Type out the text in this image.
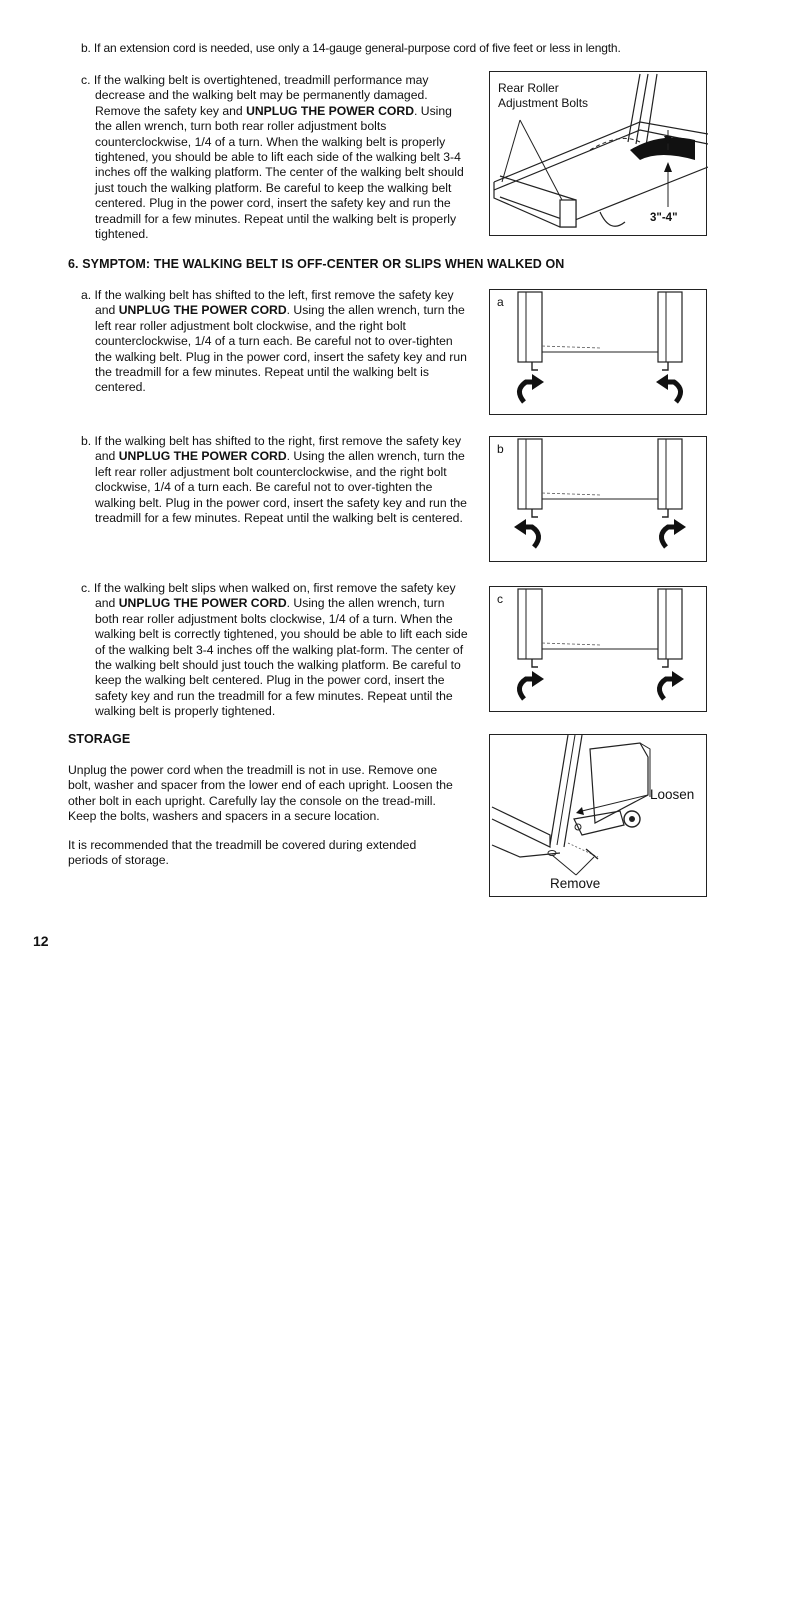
b. If an extension cord is needed, use only a 14-gauge general-purpose cord of five feet or less in length.

c. If the walking belt is overtightened, treadmill performance may decrease and the walking belt may be permanently damaged. Remove the safety key and UNPLUG THE POWER CORD. Using the allen wrench, turn both rear roller adjustment bolts counterclockwise, 1/4 of a turn. When the walking belt is properly tightened, you should be able to lift each side of the walking belt 3-4 inches off the walking platform. The center of the walking belt should just touch the walking platform. Be careful to keep the walking belt centered. Plug in the power cord, insert the safety key and run the treadmill for a few minutes. Repeat until the walking belt is properly tightened.

Rear Roller
Adjustment Bolts
3"-4"
6. SYMPTOM: THE WALKING BELT IS OFF-CENTER OR SLIPS WHEN WALKED ON

a. If the walking belt has shifted to the left, first remove the safety key and UNPLUG THE POWER CORD. Using the allen wrench, turn the left rear roller adjustment bolt clockwise, and the right bolt counterclockwise, 1/4 of a turn each. Be careful not to over-tighten the walking belt. Plug in the power cord, insert the safety key and run the treadmill for a few minutes. Repeat until the walking belt is centered.

a

b. If the walking belt has shifted to the right, first remove the safety key and UNPLUG THE POWER CORD. Using the allen wrench, turn the left rear roller adjustment bolt counterclockwise, and the right bolt clockwise, 1/4 of a turn each. Be careful not to over-tighten the walking belt. Plug in the power cord, insert the safety key and run the treadmill for a few minutes. Repeat until the walking belt is centered.

b

c. If the walking belt slips when walked on, first remove the safety key and UNPLUG THE POWER CORD. Using the allen wrench, turn both rear roller adjustment bolts clockwise, 1/4 of a turn. When the walking belt is correctly tightened, you should be able to lift each side of the walking belt 3-4 inches off the walking plat-form. The center of the walking belt should just touch the walking platform. Be careful to keep the walking belt centered. Plug in the power cord, insert the safety key and run the treadmill for a few minutes. Repeat until the walking belt is properly tightened.

c
STORAGE

Unplug the power cord when the treadmill is not in use. Remove one bolt, washer and spacer from the lower end of each upright. Loosen the other bolt in each upright. Carefully lay the console on the tread-mill. Keep the bolts, washers and spacers in a secure location.

It is recommended that the treadmill be covered during extended periods of storage.

Loosen
Remove
12
